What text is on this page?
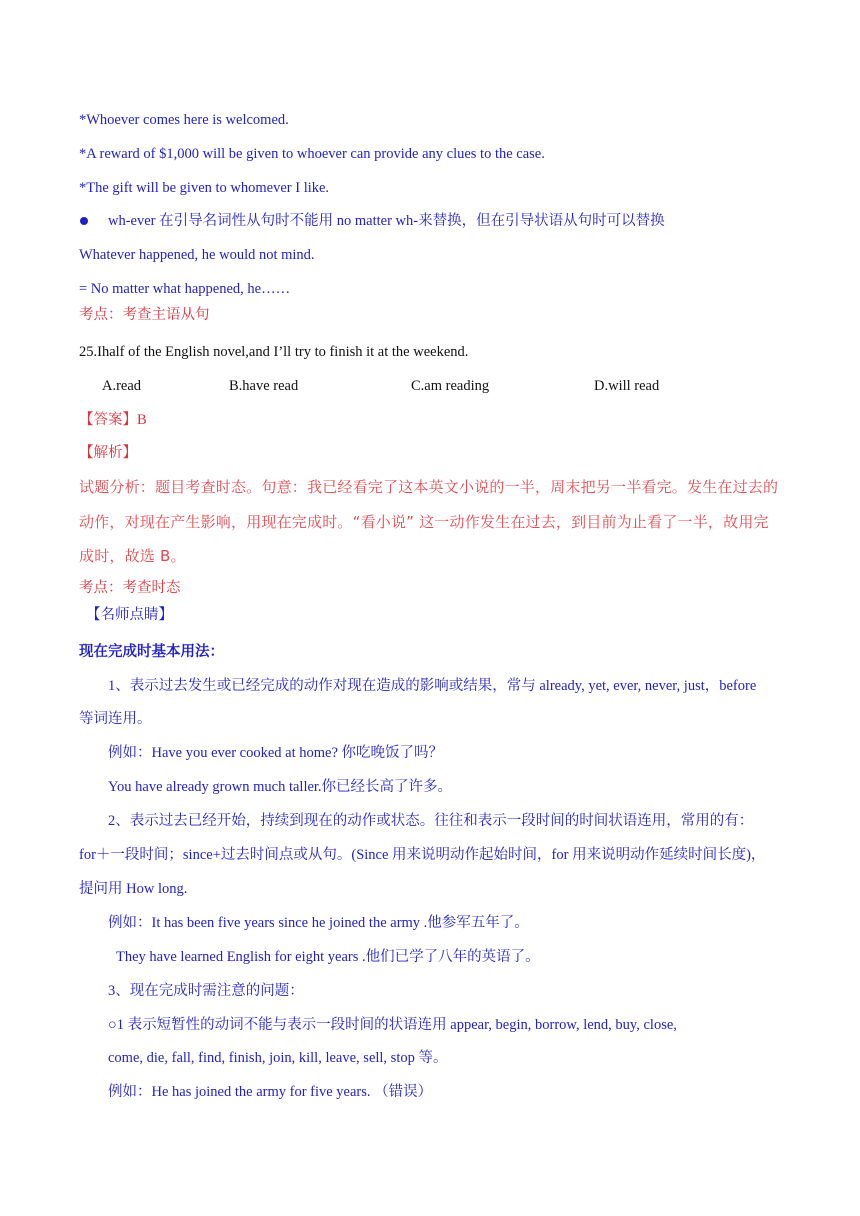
*Whoever comes here is welcomed.
*A reward of $1,000 will be given to whoever can provide any clues to the case.
*The gift will be given to whomever I like.
wh-ever 在引导名词性从句时不能用 no matter wh-来替换，但在引导状语从句时可以替换
Whatever happened, he would not mind.
= No matter what happened, he……
考点：考查主语从句
25.Ihalf of the English novel,and I’ll try to finish it at the weekend.
A.read	B.have read	C.am reading	D.will read
【答案】B
【解析】
试题分析：题目考查时态。句意：我已经看完了这本英文小说的一半，周末把另一半看完。发生在过去的
动作，对现在产生影响，用现在完成时。“看小说” 这一动作发生在过去，到目前为止看了一半，故用完
成时，故选 B。
考点：考查时态
【名师点睛】
现在完成时基本用法：
1、表示过去发生或已经完成的动作对现在造成的影响或结果，常与 already, yet, ever, never, just，before
等词连用。
例如：Have you ever cooked at home? 你吃晚饭了吗？
You have already grown much taller.你已经长高了许多。
2、表示过去已经开始，持续到现在的动作或状态。往往和表示一段时间的时间状语连用，常用的有：
for＋一段时间；since+过去时间点或从句。(Since 用来说明动作起始时间，for 用来说明动作延续时间长度)，
提问用 How long.
例如：It has been five years since he joined the army .他参军五年了。
They have learned English for eight years .他们已学了八年的英语了。
3、现在完成时需注意的问题：
○1 表示短暂性的动词不能与表示一段时间的状语连用 appear, begin, borrow, lend, buy, close,
come, die, fall, find, finish, join, kill, leave, sell, stop 等。
例如：He has joined the army for five years. （错误）
